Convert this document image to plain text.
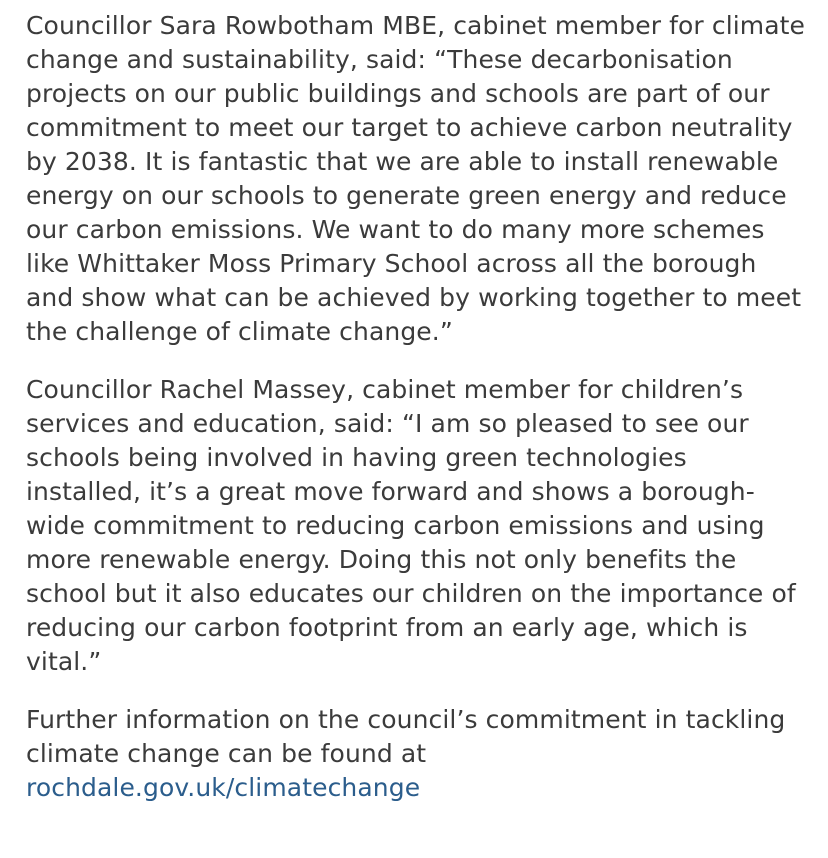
Councillor Sara Rowbotham MBE, cabinet member for climate change and sustainability, said: “These decarbonisation projects on our public buildings and schools are part of our commitment to meet our target to achieve carbon neutrality by 2038. It is fantastic that we are able to install renewable energy on our schools to generate green energy and reduce our carbon emissions. We want to do many more schemes like Whittaker Moss Primary School across all the borough and show what can be achieved by working together to meet the challenge of climate change.”

Councillor Rachel Massey, cabinet member for children’s services and education, said: “I am so pleased to see our schools being involved in having green technologies installed, it’s a great move forward and shows a borough-wide commitment to reducing carbon emissions and using more renewable energy. Doing this not only benefits the school but it also educates our children on the importance of reducing our carbon footprint from an early age, which is vital.”

Further information on the council’s commitment in tackling climate change can be found at
rochdale.gov.uk/climatechange
